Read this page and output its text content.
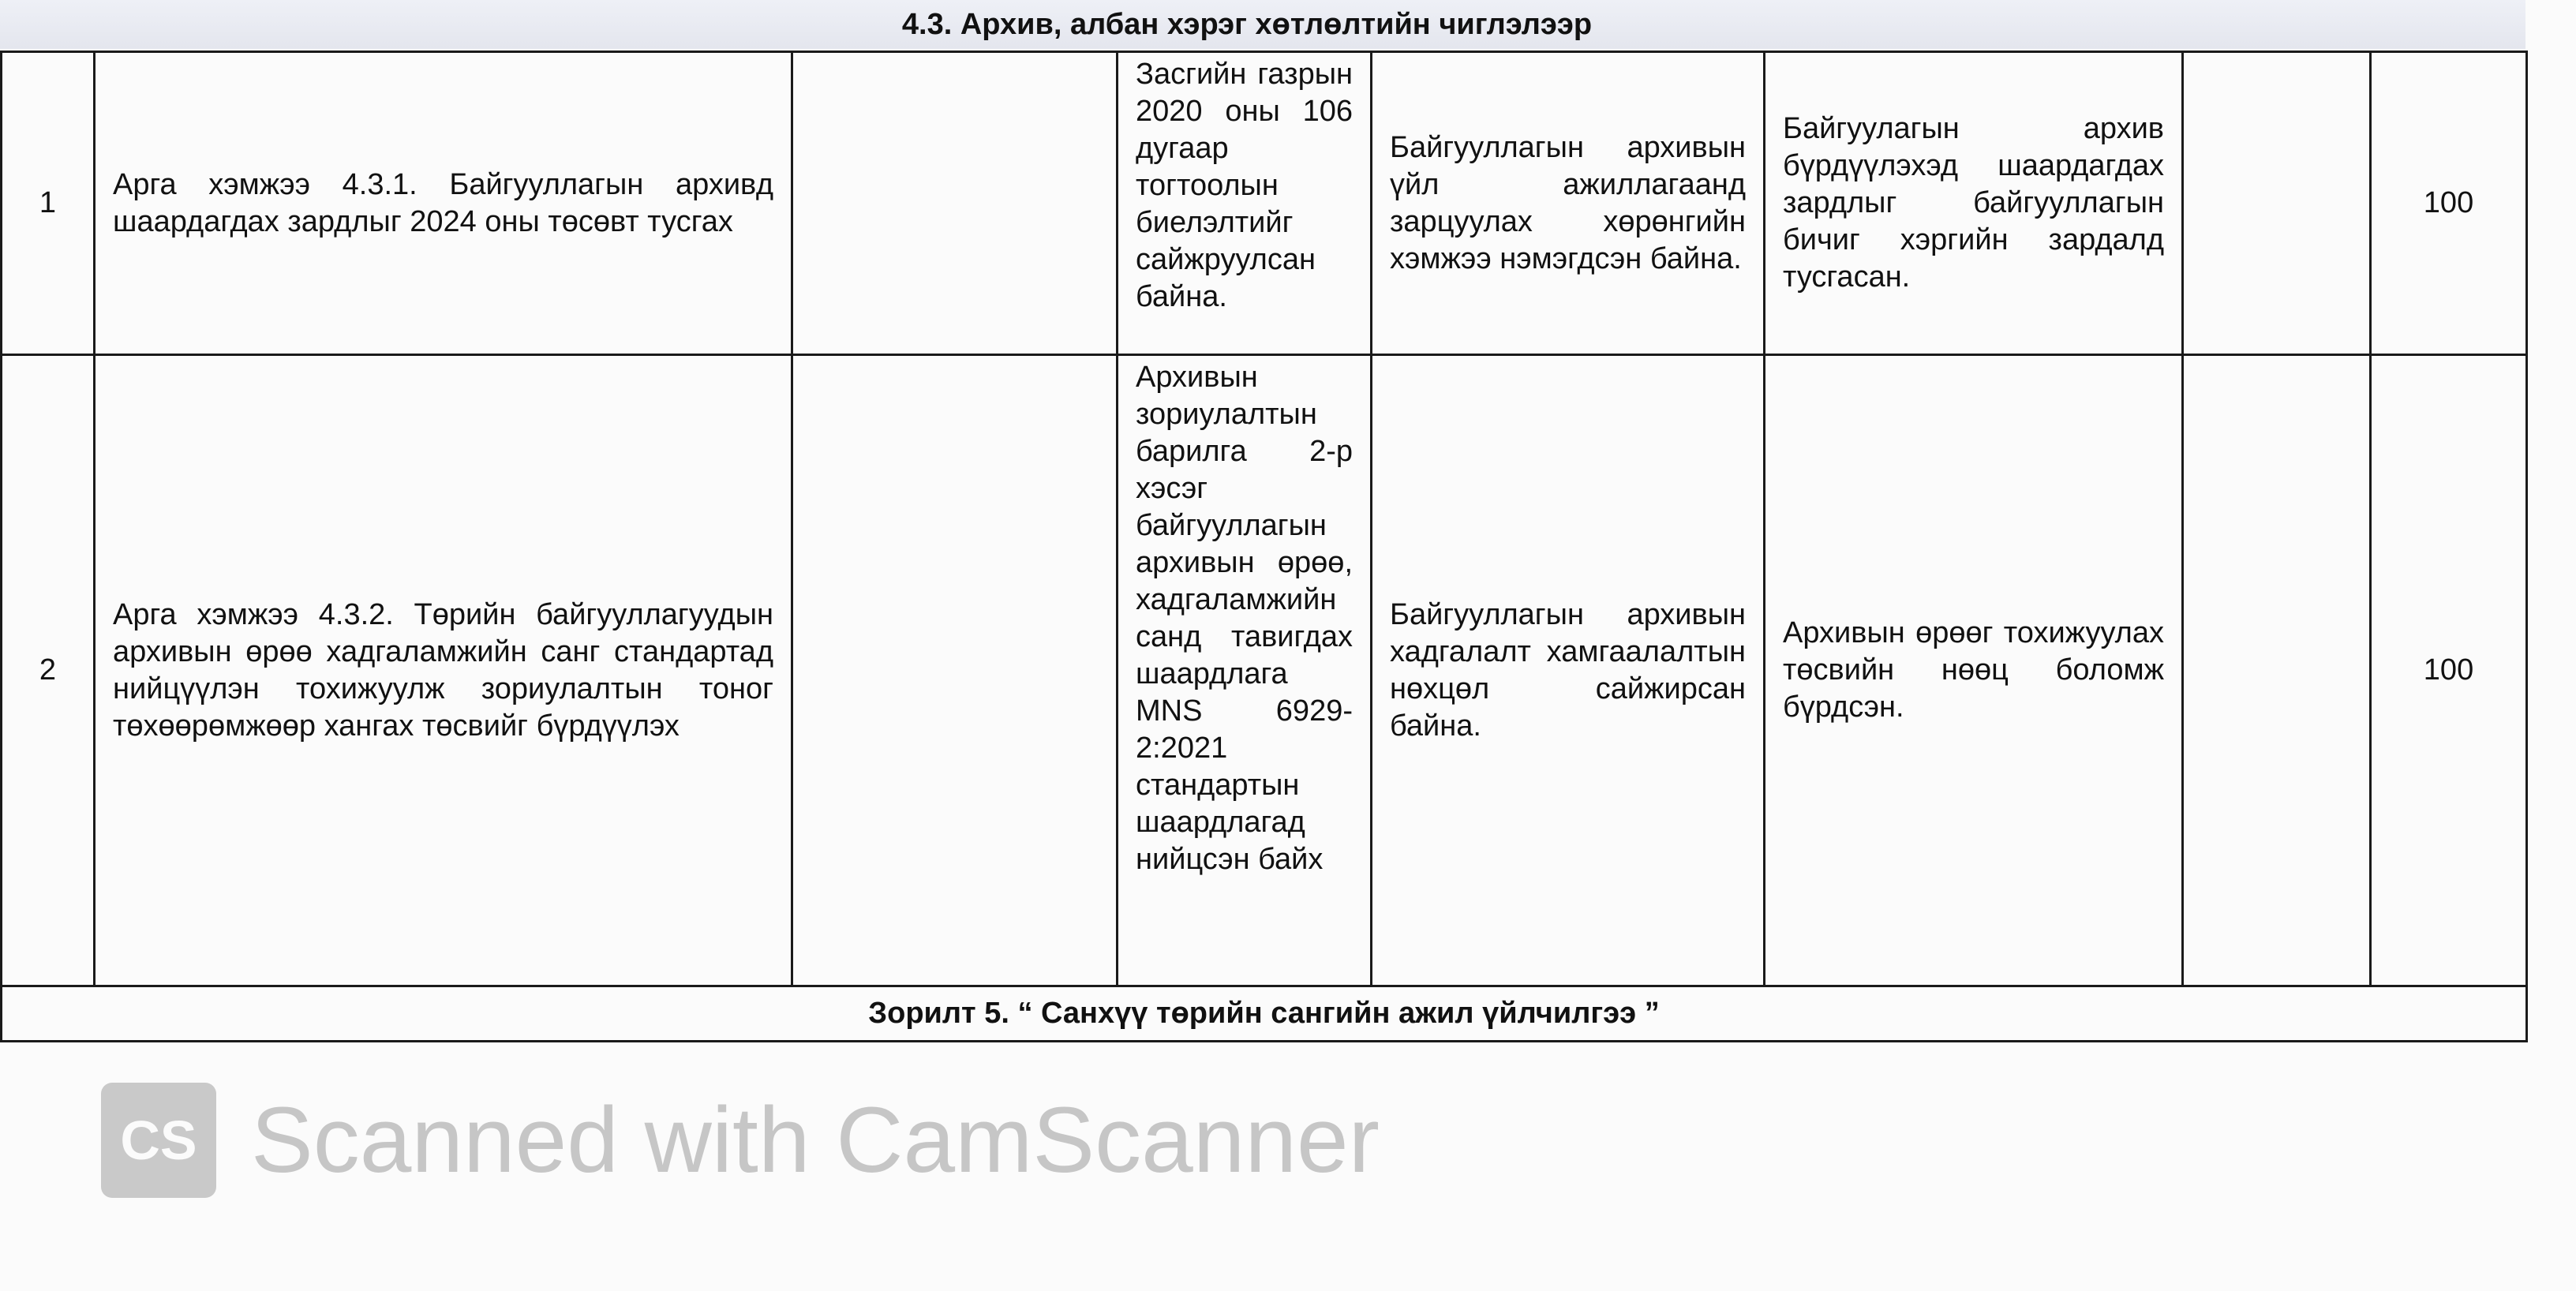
4.3. Архив, албан хэрэг хөтлөлтийн чиглэлээр
1	Арга хэмжээ 4.3.1. Байгууллагын архивд шаардагдах зардлыг 2024 оны төсөвт тусгах		Засгийн газрын 2020 оны 106 дугаар тогтоолын биелэлтийг сайжруулсан байна.	Байгууллагын архивын үйл ажиллагаанд зарцуулах хөрөнгийн хэмжээ нэмэгдсэн байна.	Байгуулагын архив бүрдүүлэхэд шаардагдах зардлыг байгууллагын бичиг хэргийн зардалд тусгасан.		100
2	Арга хэмжээ 4.3.2. Төрийн байгууллагуудын архивын өрөө хадгаламжийн санг стандартад нийцүүлэн тохижуулж зориулалтын тоног төхөөрөмжөөр хангах төсвийг бүрдүүлэх		Архивын зориулалтын барилга 2-р хэсэг байгууллагын архивын өрөө, хадгаламжийн санд тавигдах шаардлага MNS 6929-2:2021 стандартын шаардлагад нийцсэн байх	Байгууллагын архивын хадгалалт хамгаалалтын нөхцөл сайжирсан байна.	Архивын өрөөг тохижуулах төсвийн нөөц боломж бүрдсэн.		100
Зорилт 5. “ Санхүү төрийн сангийн ажил үйлчилгээ ”							
CS Scanned with CamScanner
